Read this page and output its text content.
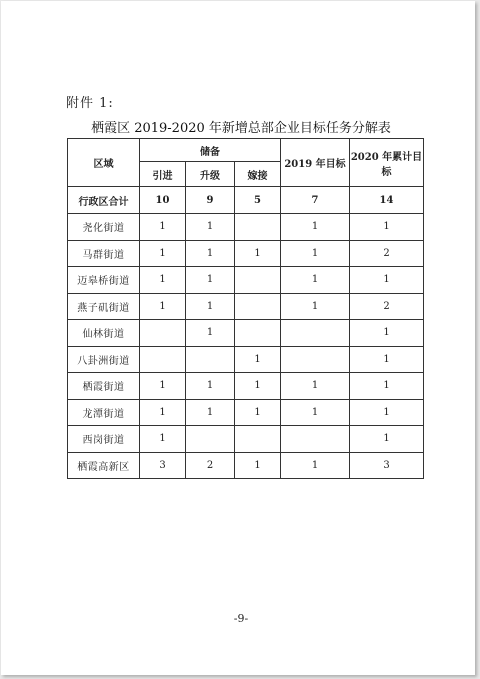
附件 1:
栖霞区 2019-2020 年新增总部企业目标任务分解表
区域	储备			2019 年目标	2020 年累计目标
	引进	升级	嫁接		
行政区合计	10	9	5	7	14
尧化街道	1	1		1	1
马群街道	1	1	1	1	2
迈皋桥街道	1	1		1	1
燕子矶街道	1	1		1	2
仙林街道		1			1
八卦洲街道			1		1
栖霞街道	1	1	1	1	1
龙潭街道	1	1	1	1	1
西岗街道	1				1
栖霞高新区	3	2	1	1	3
-9-
